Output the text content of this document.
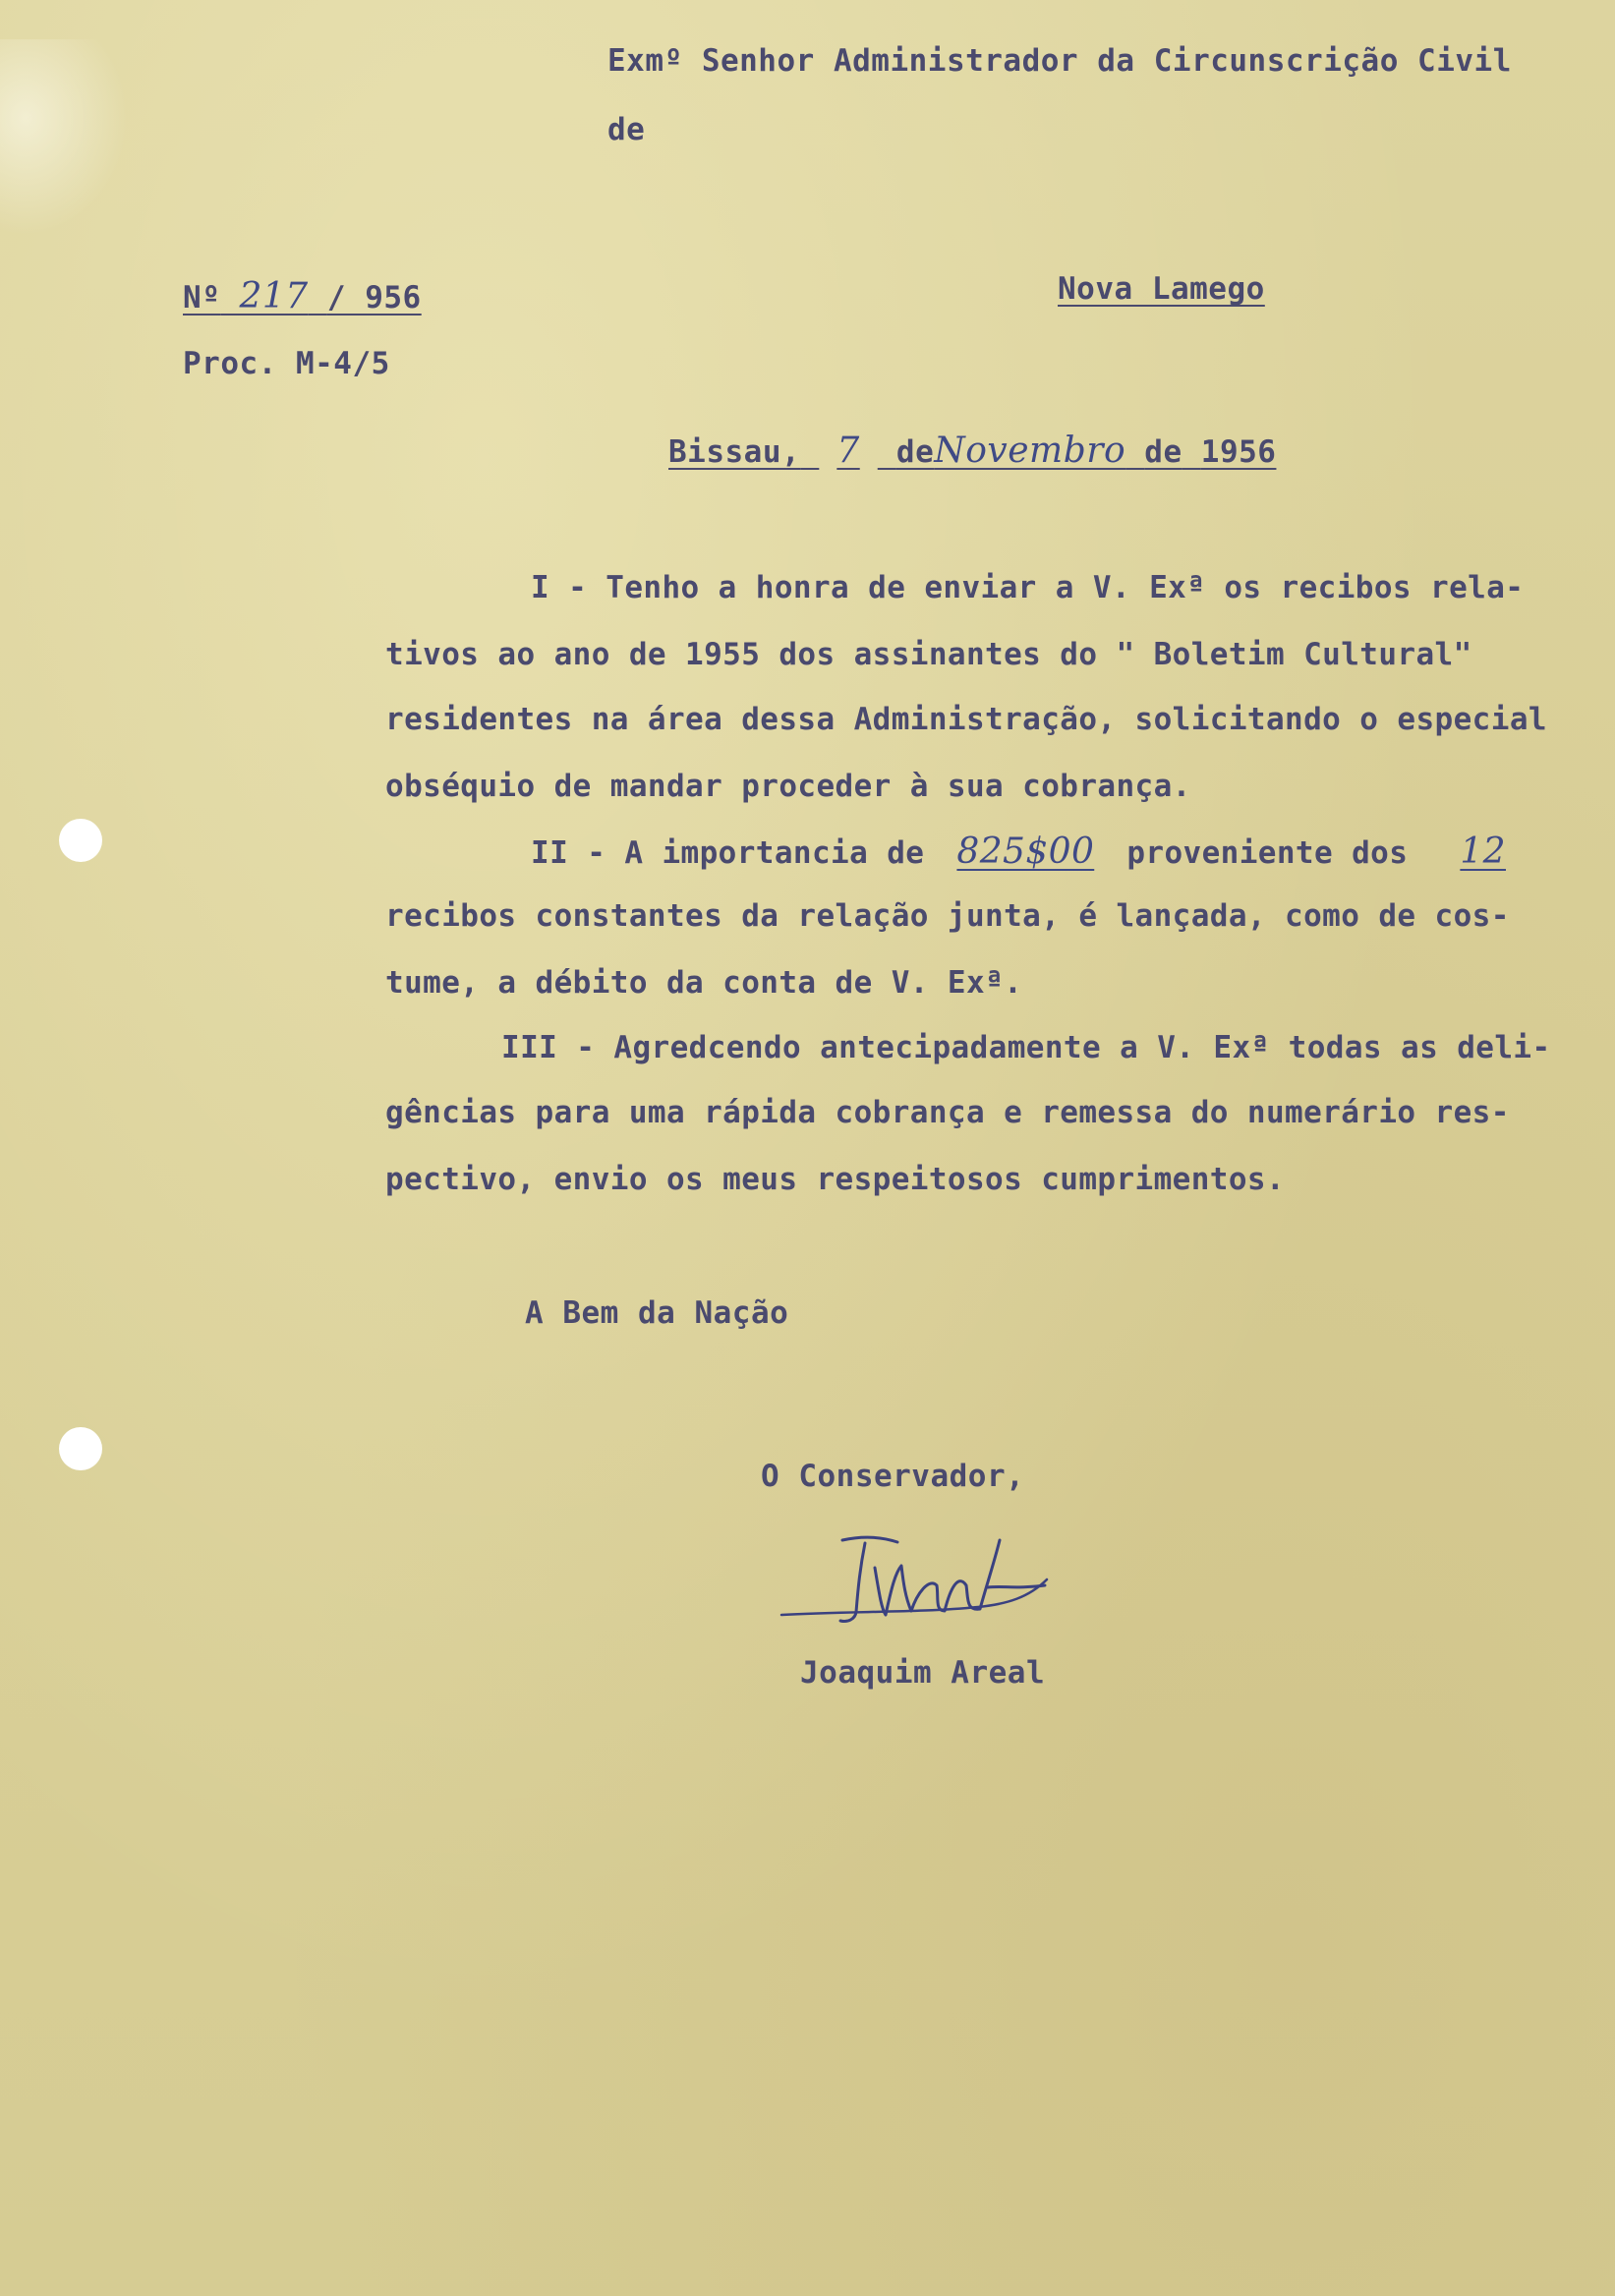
Exmº Senhor Administrador da Circunscrição Civil
de
Nº 217 / 956
Proc. M-4/5
Nova Lamego
Bissau, 7 deNovembro de 1956
I - Tenho a honra de enviar a V. Exª os recibos rela-
tivos ao ano de 1955 dos assinantes do " Boletim Cultural"
residentes na área dessa Administração, solicitando o especial
obséquio de mandar proceder à sua cobrança.
II - A importancia de 825$00 proveniente dos 12
recibos constantes da relação junta, é lançada, como de cos-
tume, a débito da conta de V. Exª.
III - Agredcendo antecipadamente a V. Exª todas as deli-
gências para uma rápida cobrança e remessa do numerário res-
pectivo, envio os meus respeitosos cumprimentos.
A Bem da Nação
O Conservador,
Joaquim Areal
